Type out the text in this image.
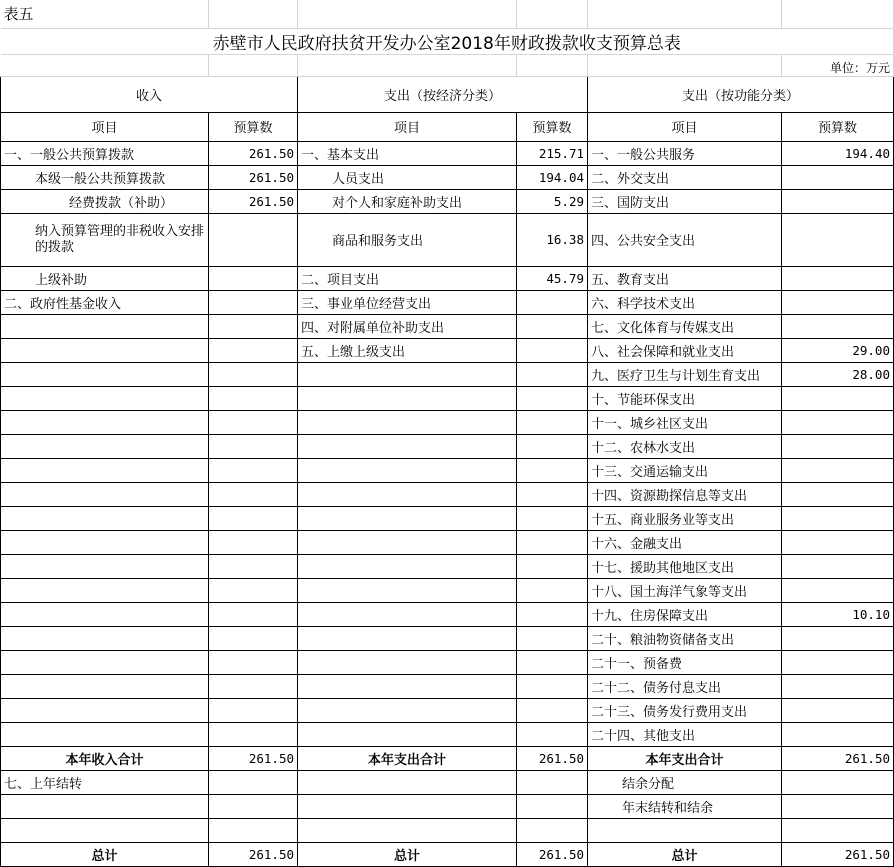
表五					
赤壁市人民政府扶贫开发办公室2018年财政拨款收支预算总表					
					单位：万元
收入		支出（按经济分类）		支出（按功能分类）	
项目	预算数	项目	预算数	项目	预算数
一、一般公共预算拨款	261.50	一、基本支出	215.71	一、一般公共服务	194.40
本级一般公共预算拨款	261.50	人员支出	194.04	二、外交支出	
经费拨款（补助）	261.50	对个人和家庭补助支出	5.29	三、国防支出	
纳入预算管理的非税收入安排的拨款		商品和服务支出	16.38	四、公共安全支出	
上级补助		二、项目支出	45.79	五、教育支出	
二、政府性基金收入		三、事业单位经营支出		六、科学技术支出	
		四、对附属单位补助支出		七、文化体育与传媒支出	
		五、上缴上级支出		八、社会保障和就业支出	29.00
				九、医疗卫生与计划生育支出	28.00
				十、节能环保支出	
				十一、城乡社区支出	
				十二、农林水支出	
				十三、交通运输支出	
				十四、资源勘探信息等支出	
				十五、商业服务业等支出	
				十六、金融支出	
				十七、援助其他地区支出	
				十八、国土海洋气象等支出	
				十九、住房保障支出	10.10
				二十、粮油物资储备支出	
				二十一、预备费	
				二十二、债务付息支出	
				二十三、债务发行费用支出	
				二十四、其他支出	
本年收入合计	261.50	本年支出合计	261.50	本年支出合计	261.50
七、上年结转				结余分配	
				年末结转和结余	

总计	261.50	总计	261.50	总计	261.50
